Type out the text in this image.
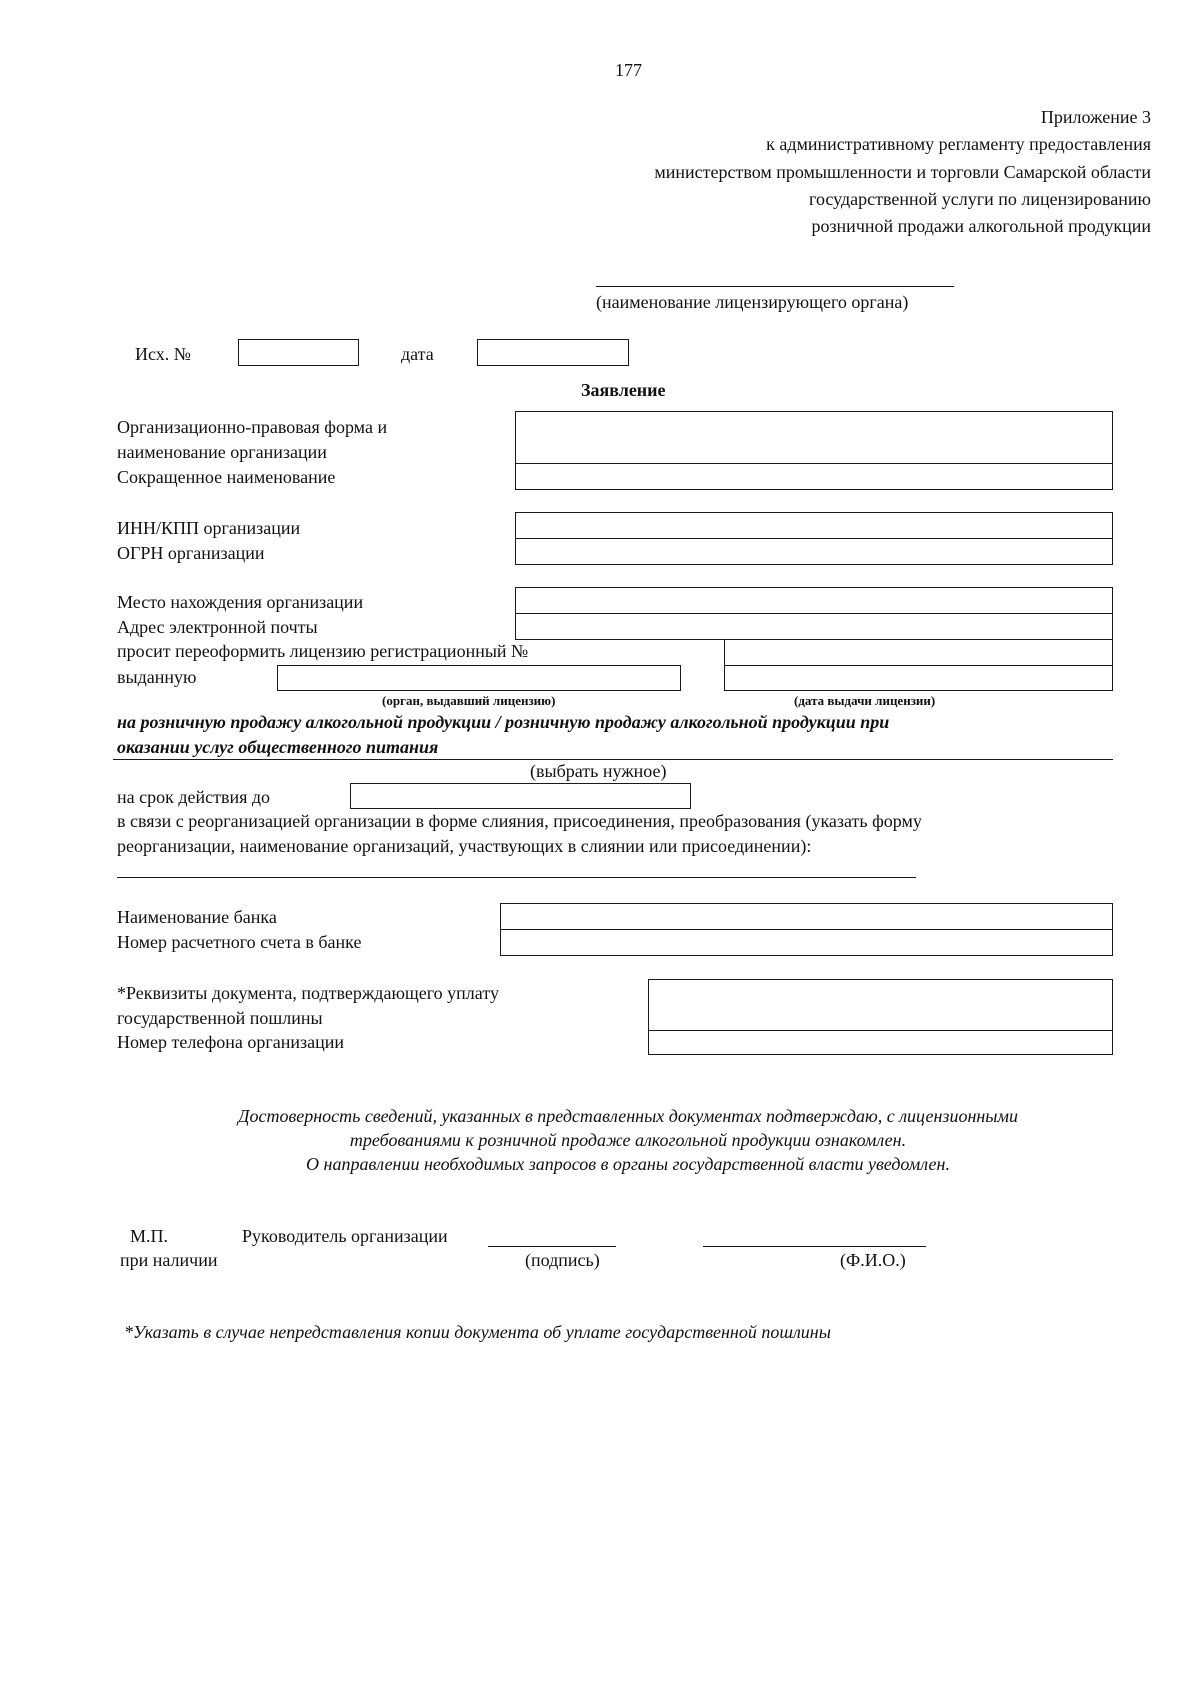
177
Приложение 3
к административному регламенту предоставления
министерством промышленности и торговли Самарской области
государственной услуги по лицензированию
розничной продажи алкогольной продукции
(наименование лицензирующего органа)
Исх. №	дата
Заявление
Организационно-правовая форма и
наименование организации
Сокращенное наименование
ИНН/КПП организации
ОГРН организации
Место нахождения организации
Адрес электронной почты
просит переоформить лицензию регистрационный №
выданную
(орган, выдавший лицензию)	(дата выдачи лицензии)
на розничную продажу алкогольной продукции / розничную продажу алкогольной продукции при
оказании услуг общественного питания
(выбрать нужное)
на срок действия до
в связи с реорганизацией организации в форме слияния, присоединения, преобразования (указать форму
реорганизации, наименование организаций, участвующих в слиянии или присоединении):
Наименование банка
Номер расчетного счета в банке
*Реквизиты документа, подтверждающего уплату
государственной пошлины
Номер телефона организации
Достоверность сведений, указанных в представленных документах подтверждаю, с лицензионными
требованиями к розничной продаже алкогольной продукции ознакомлен.
О направлении необходимых запросов в органы государственной власти уведомлен.
М.П.
при наличии
Руководитель организации
(подпись)	(Ф.И.О.)
*Указать в случае непредставления копии документа об уплате государственной пошлины
